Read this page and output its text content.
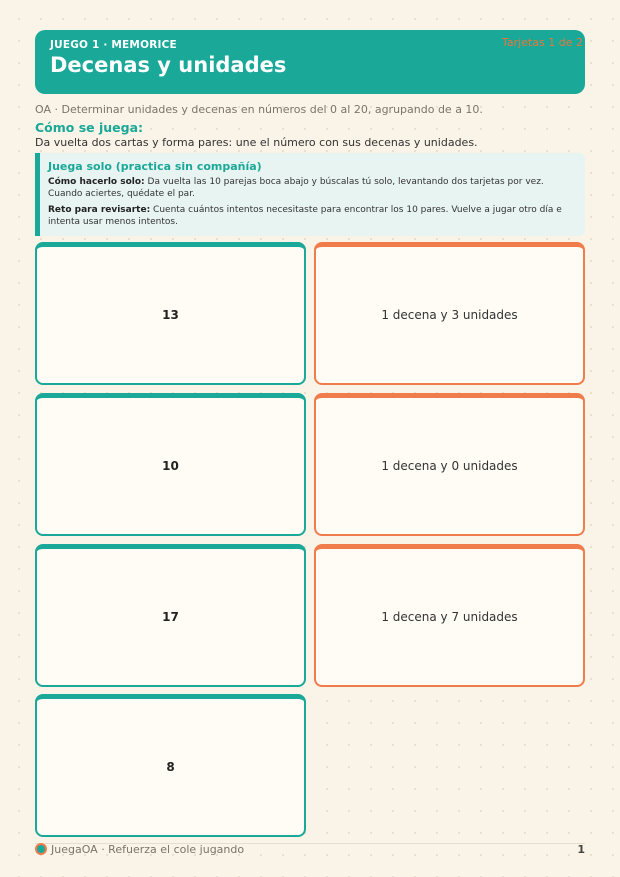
JUEGO 1 · MEMORICE
Decenas y unidades
Tarjetas 1 de 2
OA · Determinar unidades y decenas en números del 0 al 20, agrupando de a 10.
Cómo se juega:
Da vuelta dos cartas y forma pares: une el número con sus decenas y unidades.
Juega solo (practica sin compañía)

Cómo hacerlo solo: Da vuelta las 10 parejas boca abajo y búscalas tú solo, levantando dos tarjetas por vez. Cuando aciertes, quédate el par.

Reto para revisarte: Cuenta cuántos intentos necesitaste para encontrar los 10 pares. Vuelve a jugar otro día e intenta usar menos intentos.

13	1 decena y 3 unidades
10	1 decena y 0 unidades
17	1 decena y 7 unidades
8
JuegaOA · Refuerza el cole jugando	1
